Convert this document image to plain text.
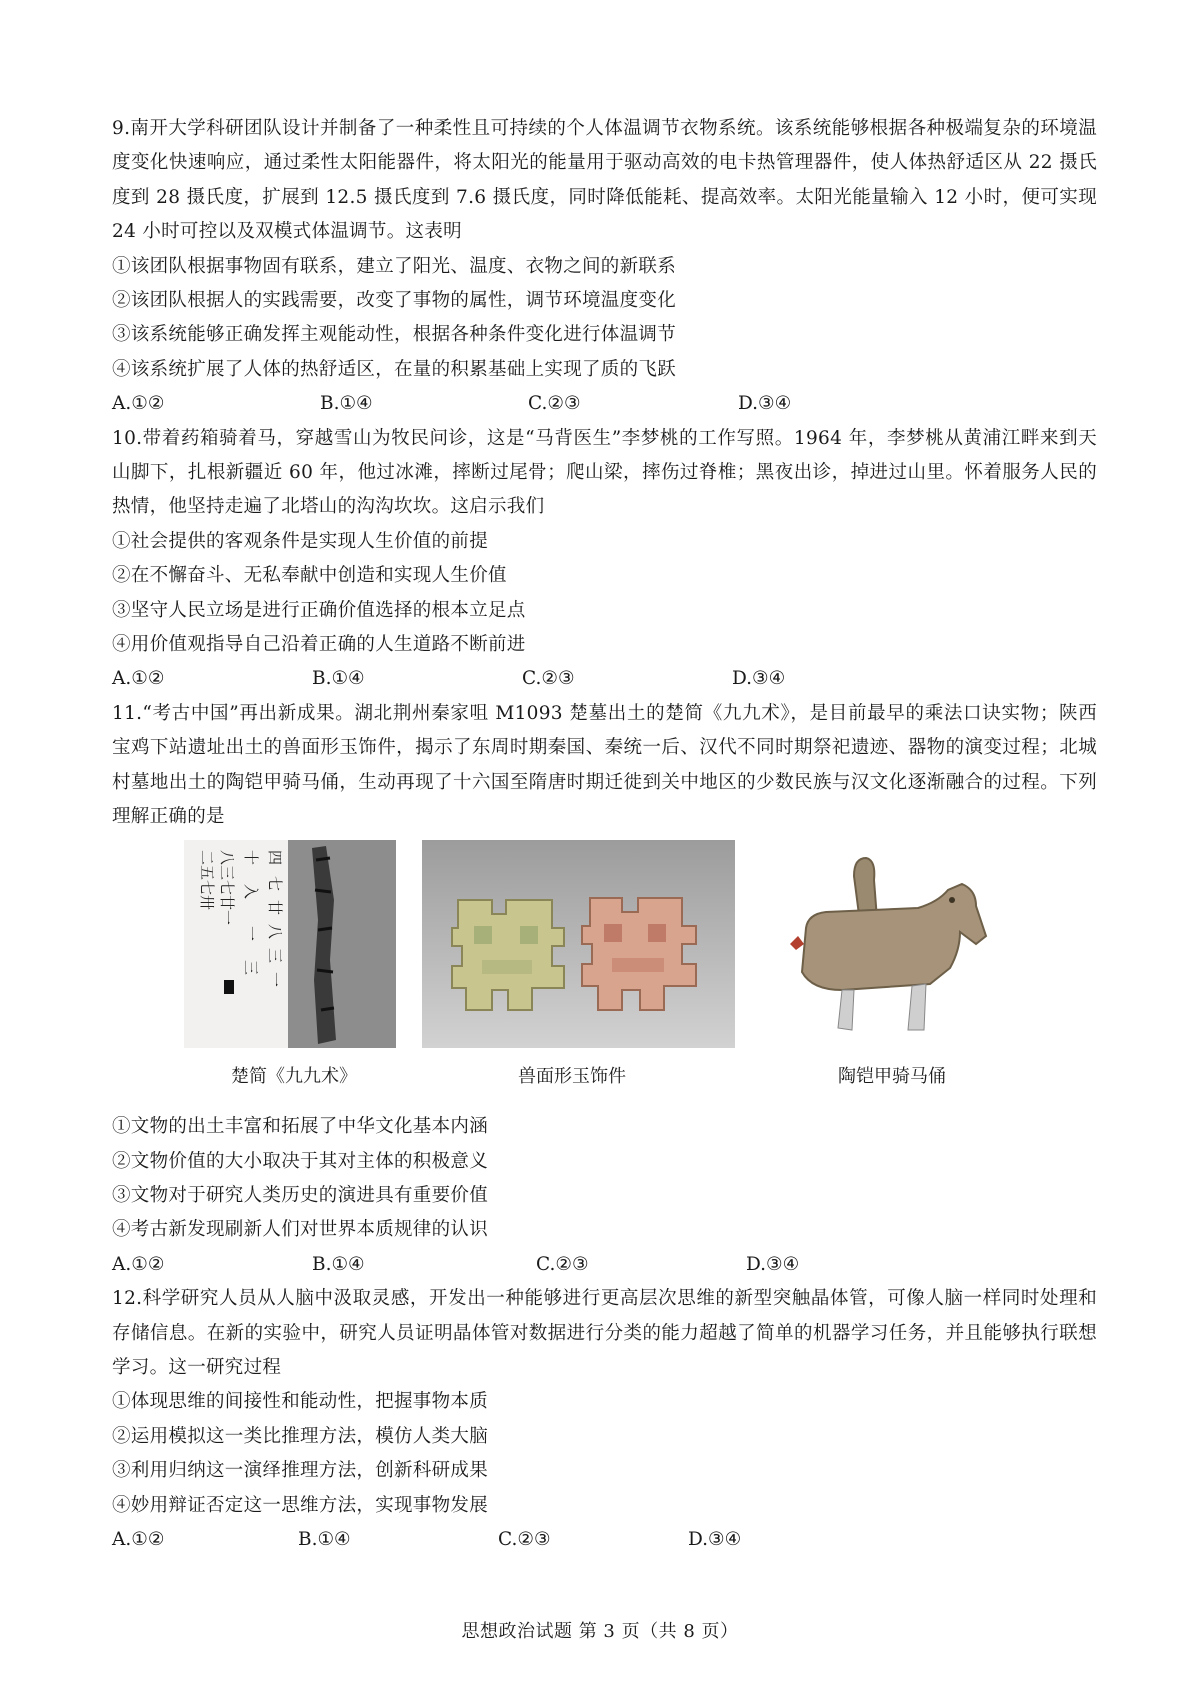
9.南开大学科研团队设计并制备了一种柔性且可持续的个人体温调节衣物系统。该系统能够根据各种极端复杂的环境温度变化快速响应，通过柔性太阳能器件，将太阳光的能量用于驱动高效的电卡热管理器件，使人体热舒适区从 22 摄氏度到 28 摄氏度，扩展到 12.5 摄氏度到 7.6 摄氏度，同时降低能耗、提高效率。太阳光能量输入 12 小时，便可实现 24 小时可控以及双模式体温调节。这表明
①该团队根据事物固有联系，建立了阳光、温度、衣物之间的新联系
②该团队根据人的实践需要，改变了事物的属性，调节环境温度变化
③该系统能够正确发挥主观能动性，根据各种条件变化进行体温调节
④该系统扩展了人体的热舒适区，在量的积累基础上实现了质的飞跃
A.①②	B.①④	C.②③	D.③④
10.带着药箱骑着马，穿越雪山为牧民问诊，这是“马背医生”李梦桃的工作写照。1964 年，李梦桃从黄浦江畔来到天山脚下，扎根新疆近 60 年，他过冰滩，摔断过尾骨；爬山梁，摔伤过脊椎；黑夜出诊，掉进过山里。怀着服务人民的热情，他坚持走遍了北塔山的沟沟坎坎。这启示我们
①社会提供的客观条件是实现人生价值的前提
②在不懈奋斗、无私奉献中创造和实现人生价值
③坚守人民立场是进行正确价值选择的根本立足点
④用价值观指导自己沿着正确的人生道路不断前进
A.①②	B.①④	C.②③	D.③④
11.“考古中国”再出新成果。湖北荆州秦家咀 M1093 楚墓出土的楚简《九九术》，是目前最早的乘法口诀实物；陕西宝鸡下站遗址出土的兽面形玉饰件，揭示了东周时期秦国、秦统一后、汉代不同时期祭祀遗迹、器物的演变过程；北城村墓地出土的陶铠甲骑马俑，生动再现了十六国至隋唐时期迁徙到关中地区的少数民族与汉文化逐渐融合的过程。下列理解正确的是
二五七卅 八三七廿一 十
入
一
三
四
七
廿
八
三
一
楚简《九九术》	兽面形玉饰件	陶铠甲骑马俑
①文物的出土丰富和拓展了中华文化基本内涵
②文物价值的大小取决于其对主体的积极意义
③文物对于研究人类历史的演进具有重要价值
④考古新发现刷新人们对世界本质规律的认识
A.①②	B.①④	C.②③	D.③④
12.科学研究人员从人脑中汲取灵感，开发出一种能够进行更高层次思维的新型突触晶体管，可像人脑一样同时处理和存储信息。在新的实验中，研究人员证明晶体管对数据进行分类的能力超越了简单的机器学习任务，并且能够执行联想学习。这一研究过程
①体现思维的间接性和能动性，把握事物本质
②运用模拟这一类比推理方法，模仿人类大脑
③利用归纳这一演绎推理方法，创新科研成果
④妙用辩证否定这一思维方法，实现事物发展
A.①②	B.①④	C.②③	D.③④
思想政治试题 第 3 页（共 8 页）
